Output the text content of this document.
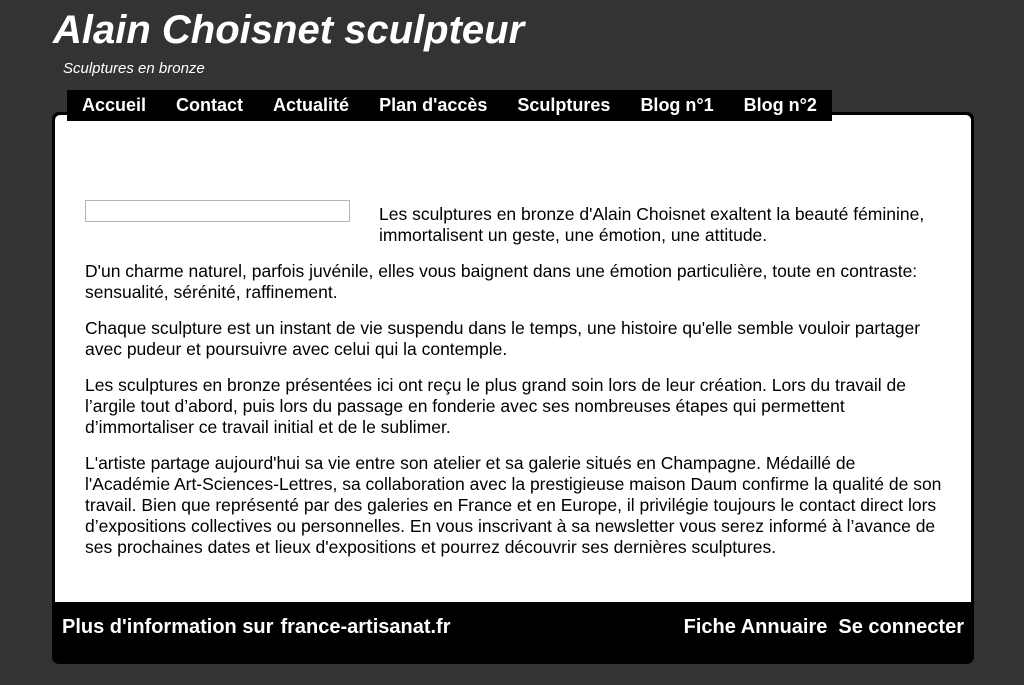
Alain Choisnet sculpteur
Sculptures en bronze
Accueil Contact Actualité Plan d'accès Sculptures Blog n°1 Blog n°2

Les sculptures en bronze d'Alain Choisnet exaltent la beauté féminine, immortalisent un geste, une émotion, une attitude.

D'un charme naturel, parfois juvénile, elles vous baignent dans une émotion particulière, toute en contraste: sensualité, sérénité, raffinement.

Chaque sculpture est un instant de vie suspendu dans le temps, une histoire qu'elle semble vouloir partager avec pudeur et poursuivre avec celui qui la contemple.

Les sculptures en bronze présentées ici ont reçu le plus grand soin lors de leur création. Lors du travail de l’argile tout d’abord, puis lors du passage en fonderie avec ses nombreuses étapes qui permettent d’immortaliser ce travail initial et de le sublimer.

L'artiste partage aujourd'hui sa vie entre son atelier et sa galerie situés en Champagne. Médaillé de l'Académie Art-Sciences-Lettres, sa collaboration avec la prestigieuse maison Daum confirme la qualité de son travail. Bien que représenté par des galeries en France et en Europe, il privilégie toujours le contact direct lors d’expositions collectives ou personnelles. En vous inscrivant à sa newsletter vous serez informé à l’avance de ses prochaines dates et lieux d'expositions et pourrez découvrir ses dernières sculptures.

Plus d'information sur france-artisanat.fr	Fiche Annuaire Se connecter
